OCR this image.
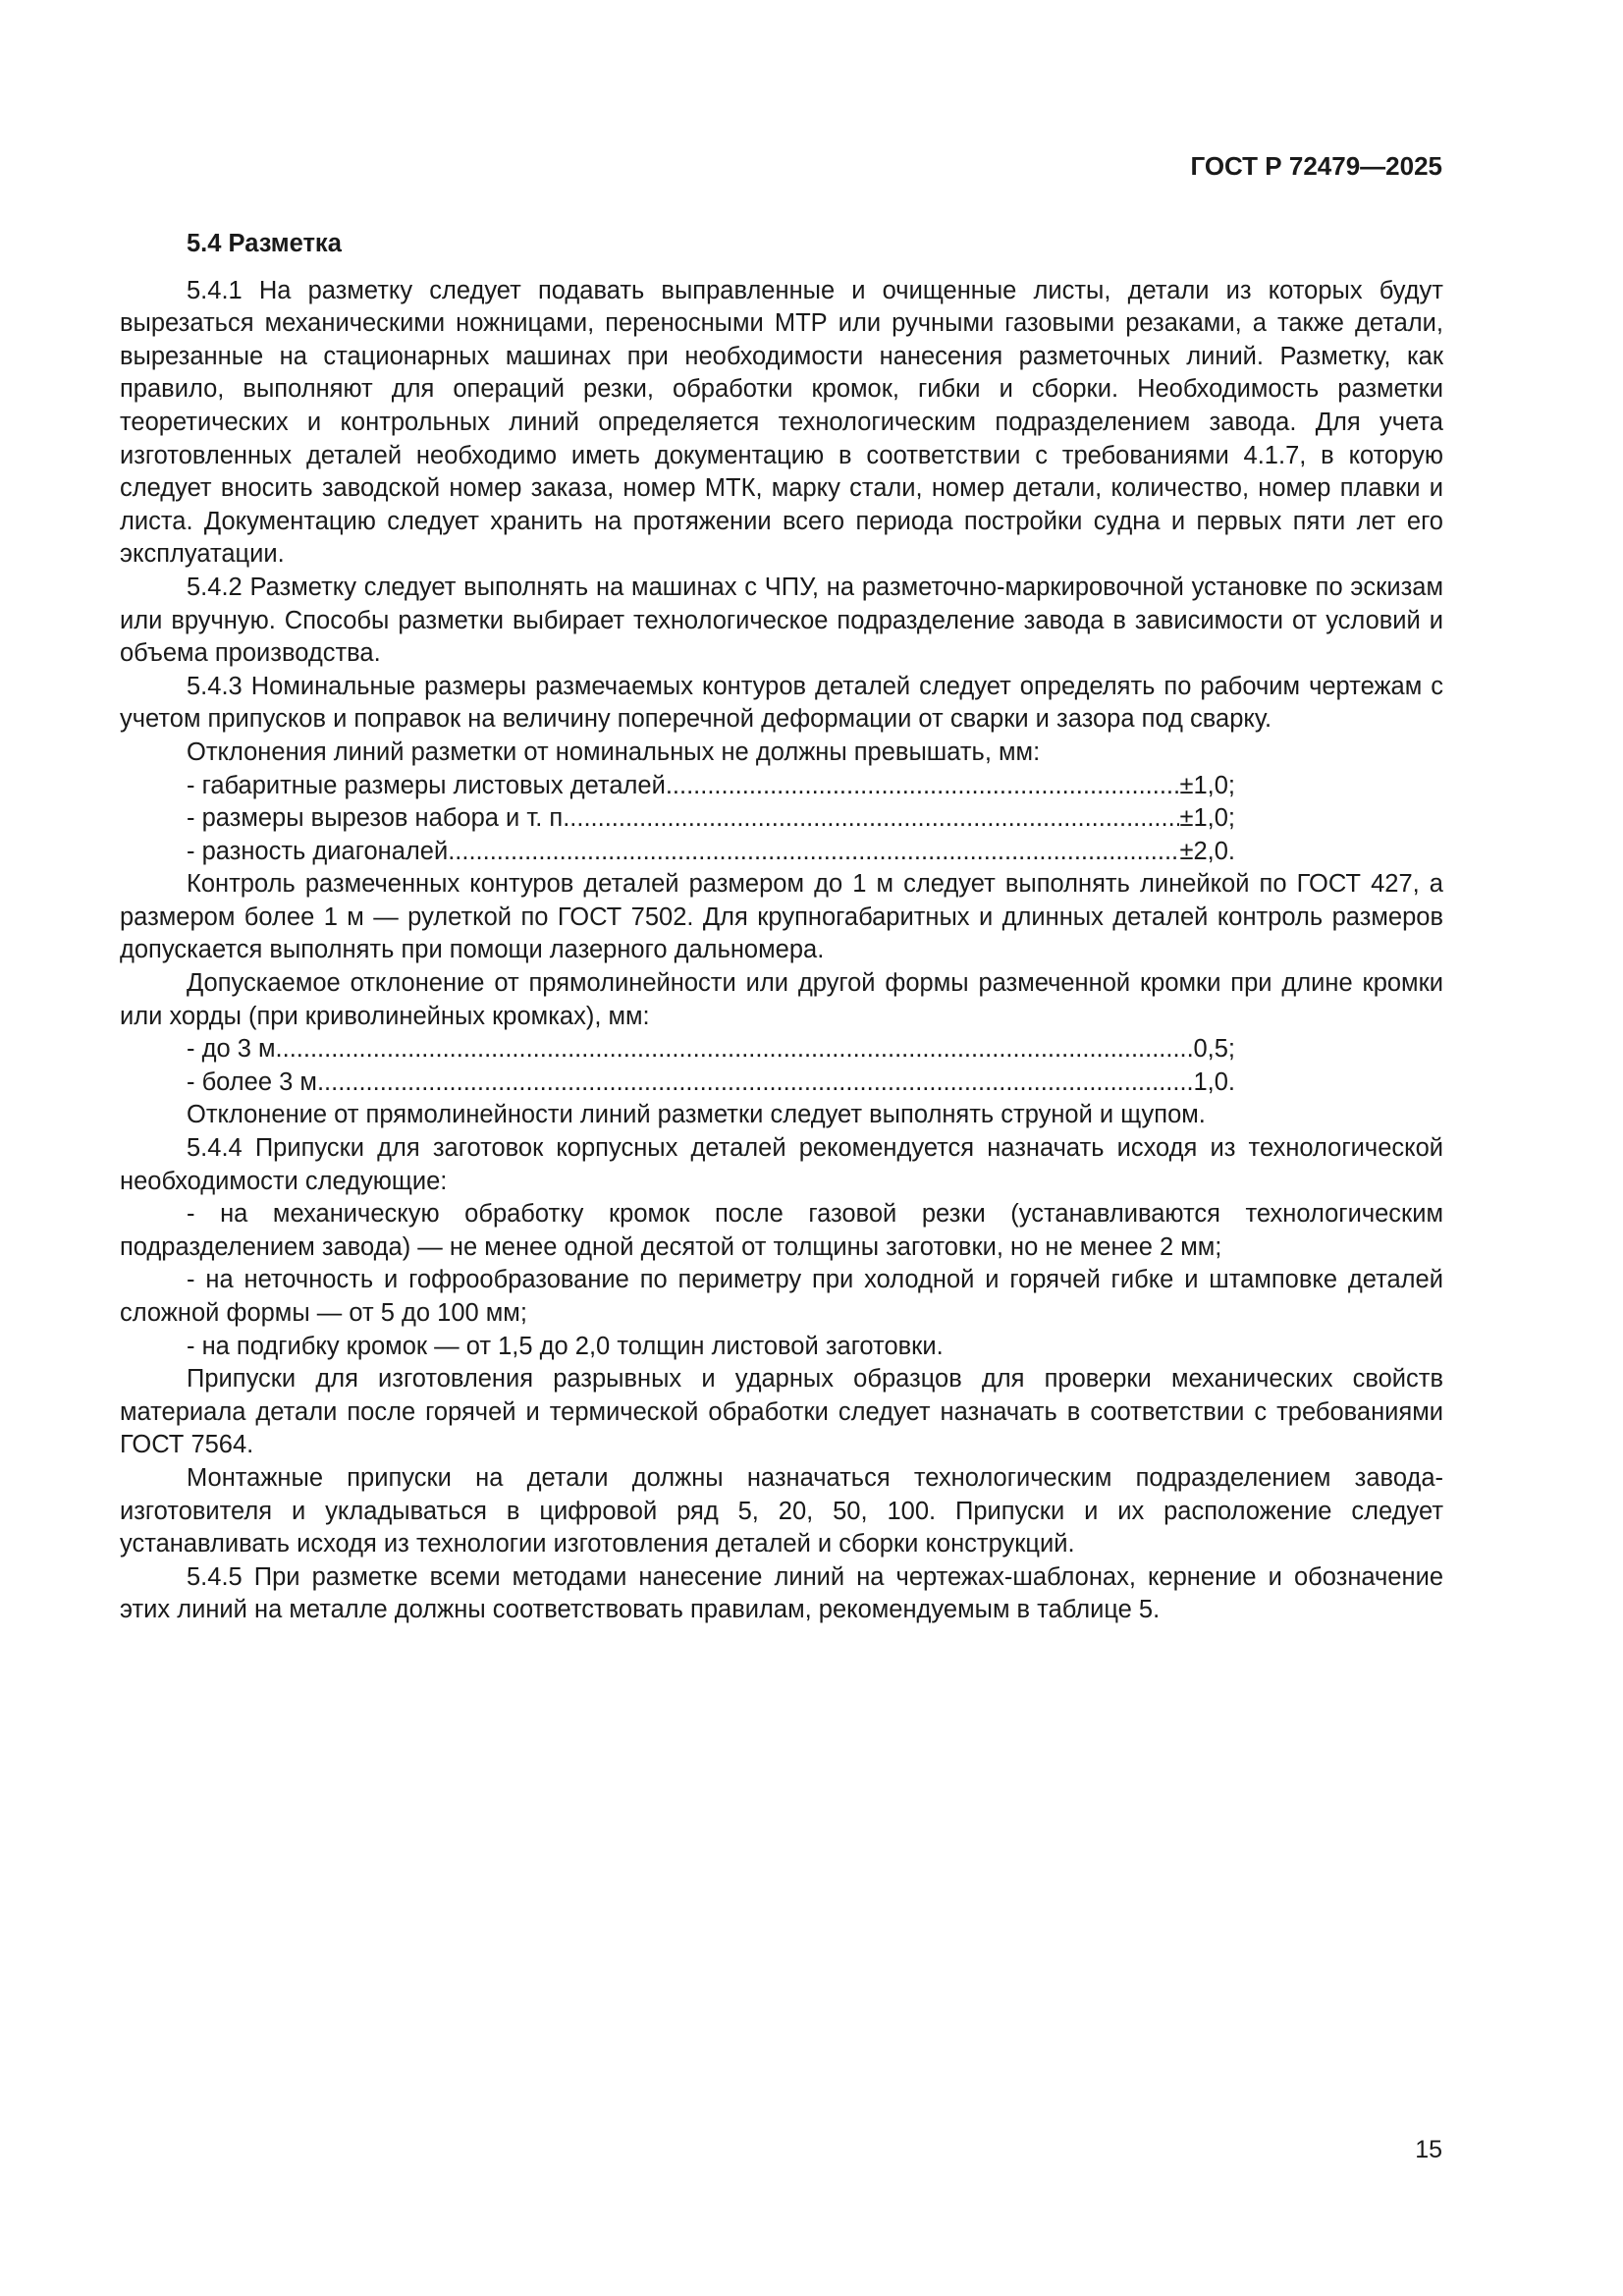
ГОСТ Р 72479—2025
5.4 Разметка

5.4.1 На разметку следует подавать выправленные и очищенные листы, детали из которых будут вырезаться механическими ножницами, переносными МТР или ручными газовыми резаками, а также детали, вырезанные на стационарных машинах при необходимости нанесения разметочных линий. Разметку, как правило, выполняют для операций резки, обработки кромок, гибки и сборки. Необходимость разметки теоретических и контрольных линий определяется технологическим подразделением завода. Для учета изготовленных деталей необходимо иметь документацию в соответствии с требованиями 4.1.7, в которую следует вносить заводской номер заказа, номер МТК, марку стали, номер детали, количество, номер плавки и листа. Документацию следует хранить на протяжении всего периода постройки судна и первых пяти лет его эксплуатации.

5.4.2 Разметку следует выполнять на машинах с ЧПУ, на разметочно-маркировочной установке по эскизам или вручную. Способы разметки выбирает технологическое подразделение завода в зависимости от условий и объема производства.

5.4.3 Номинальные размеры размечаемых контуров деталей следует определять по рабочим чертежам с учетом припусков и поправок на величину поперечной деформации от сварки и зазора под сварку.

Отклонения линий разметки от номинальных не должны превышать, мм:

- габаритные размеры листовых деталей .....	±1,0;
- размеры вырезов набора и т. п. .....	±1,0;
- разность диагоналей .....	±2,0.

Контроль размеченных контуров деталей размером до 1 м следует выполнять линейкой по ГОСТ 427, а размером более 1 м — рулеткой по ГОСТ 7502. Для крупногабаритных и длинных деталей контроль размеров допускается выполнять при помощи лазерного дальномера.

Допускаемое отклонение от прямолинейности или другой формы размеченной кромки при длине кромки или хорды (при криволинейных кромках), мм:

- до 3 м .....	0,5;
- более 3 м .....	1,0.

Отклонение от прямолинейности линий разметки следует выполнять струной и щупом.

5.4.4 Припуски для заготовок корпусных деталей рекомендуется назначать исходя из технологической необходимости следующие:

- на механическую обработку кромок после газовой резки (устанавливаются технологическим подразделением завода) — не менее одной десятой от толщины заготовки, но не менее 2 мм;

- на неточность и гофрообразование по периметру при холодной и горячей гибке и штамповке деталей сложной формы — от 5 до 100 мм;

- на подгибку кромок — от 1,5 до 2,0 толщин листовой заготовки.

Припуски для изготовления разрывных и ударных образцов для проверки механических свойств материала детали после горячей и термической обработки следует назначать в соответствии с требованиями ГОСТ 7564.

Монтажные припуски на детали должны назначаться технологическим подразделением завода-изготовителя и укладываться в цифровой ряд 5, 20, 50, 100. Припуски и их расположение следует устанавливать исходя из технологии изготовления деталей и сборки конструкций.

5.4.5 При разметке всеми методами нанесение линий на чертежах-шаблонах, кернение и обозначение этих линий на металле должны соответствовать правилам, рекомендуемым в таблице 5.

15
